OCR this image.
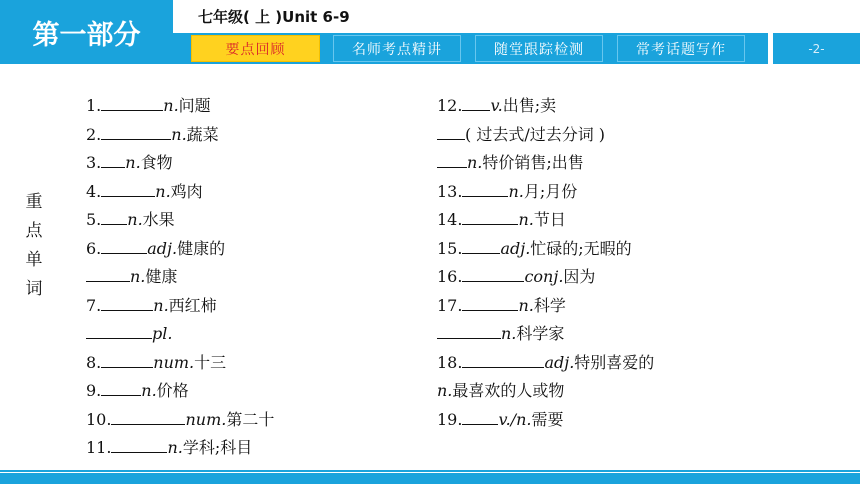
第一部分
七年级( 上 )Unit 6-9
要点回顾	名师考点精讲	随堂跟踪检测	常考话题写作	-2-
重
点
单
词
1.	n.问题
2.	n.蔬菜
3. n.食物
4.	n.鸡肉
5. n.水果
6.	adj.健康的
n.健康
7.	n.西红柿
pl.
8.	num.十三
9.	n.价格
10.	num.第二十
11.	n.学科;科目
12. v.出售;卖
( 过去式/过去分词 )
n.特价销售;出售
13.	n.月;月份
14.	n.节日
15. adj.忙碌的;无暇的
16.	conj.因为
17.	n.科学
n.科学家
18.	adj.特别喜爱的
n.最喜欢的人或物
19. v./n.需要
